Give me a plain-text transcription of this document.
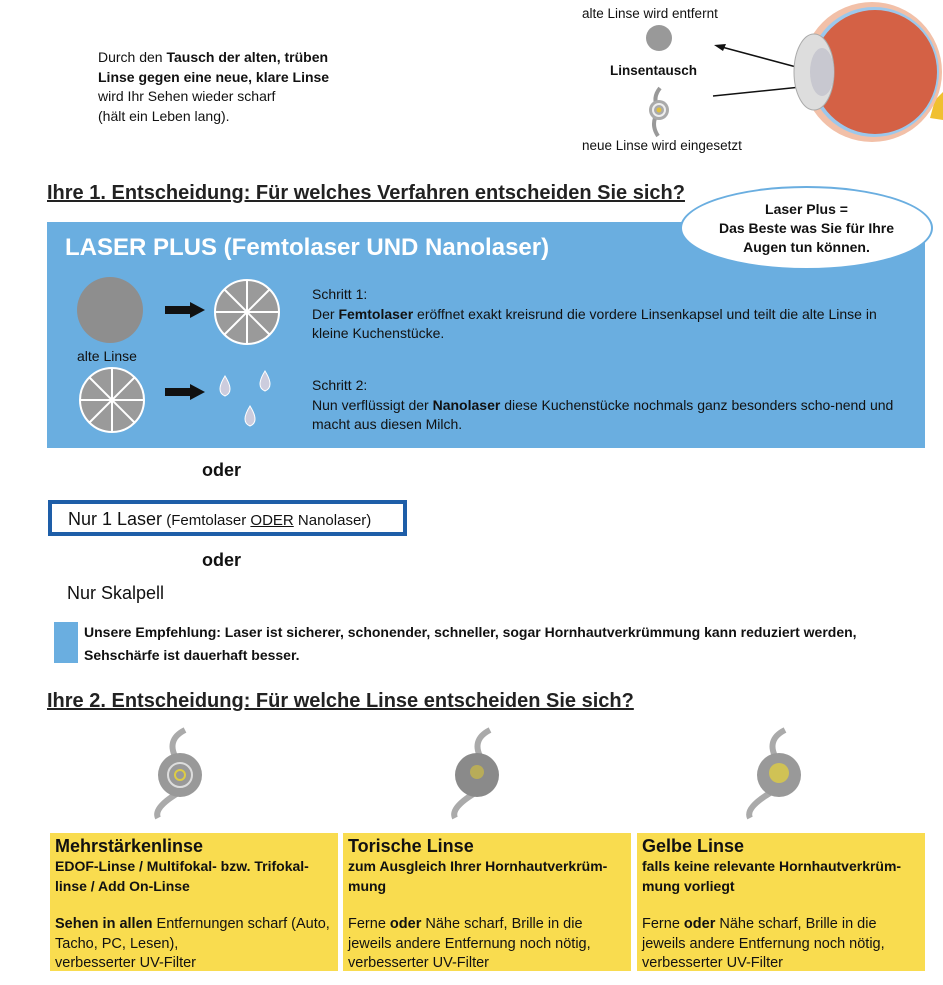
Durch den Tausch der alten, trüben
Linse gegen eine neue, klare Linse
wird Ihr Sehen wieder scharf
(hält ein Leben lang).
alte Linse wird entfernt
Linsentausch
neue Linse wird eingesetzt
Ihre 1. Entscheidung: Für welches Verfahren entscheiden Sie sich?
LASER PLUS (Femtolaser UND Nanolaser)
alte Linse
Schritt 1:
Der Femtolaser eröffnet exakt kreisrund die vordere Linsenkapsel und teilt die alte Linse in kleine Kuchenstücke.
Schritt 2:
Nun verflüssigt der Nanolaser diese Kuchenstücke nochmals ganz besonders scho-nend und macht aus diesen Milch.
Laser Plus =
Das Beste was Sie für Ihre
Augen tun können.
oder
Nur 1 Laser (Femtolaser ODER Nanolaser)
oder
Nur Skalpell
Unsere Empfehlung: Laser ist sicherer, schonender, schneller, sogar Hornhautverkrümmung kann reduziert werden, Sehschärfe ist dauerhaft besser.
Ihre 2. Entscheidung: Für welche Linse entscheiden Sie sich?
Mehrstärkenlinse
EDOF-Linse / Multifokal- bzw. Trifokal-linse / Add On-Linse
Sehen in allen Entfernungen scharf (Auto, Tacho, PC, Lesen),
verbesserter UV-Filter
Torische Linse
zum Ausgleich Ihrer Hornhautverkrüm-mung
Ferne oder Nähe scharf, Brille in die jeweils andere Entfernung noch nötig, verbesserter UV-Filter
Gelbe Linse
falls keine relevante Hornhautverkrüm-mung vorliegt
Ferne oder Nähe scharf, Brille in die jeweils andere Entfernung noch nötig, verbesserter UV-Filter
